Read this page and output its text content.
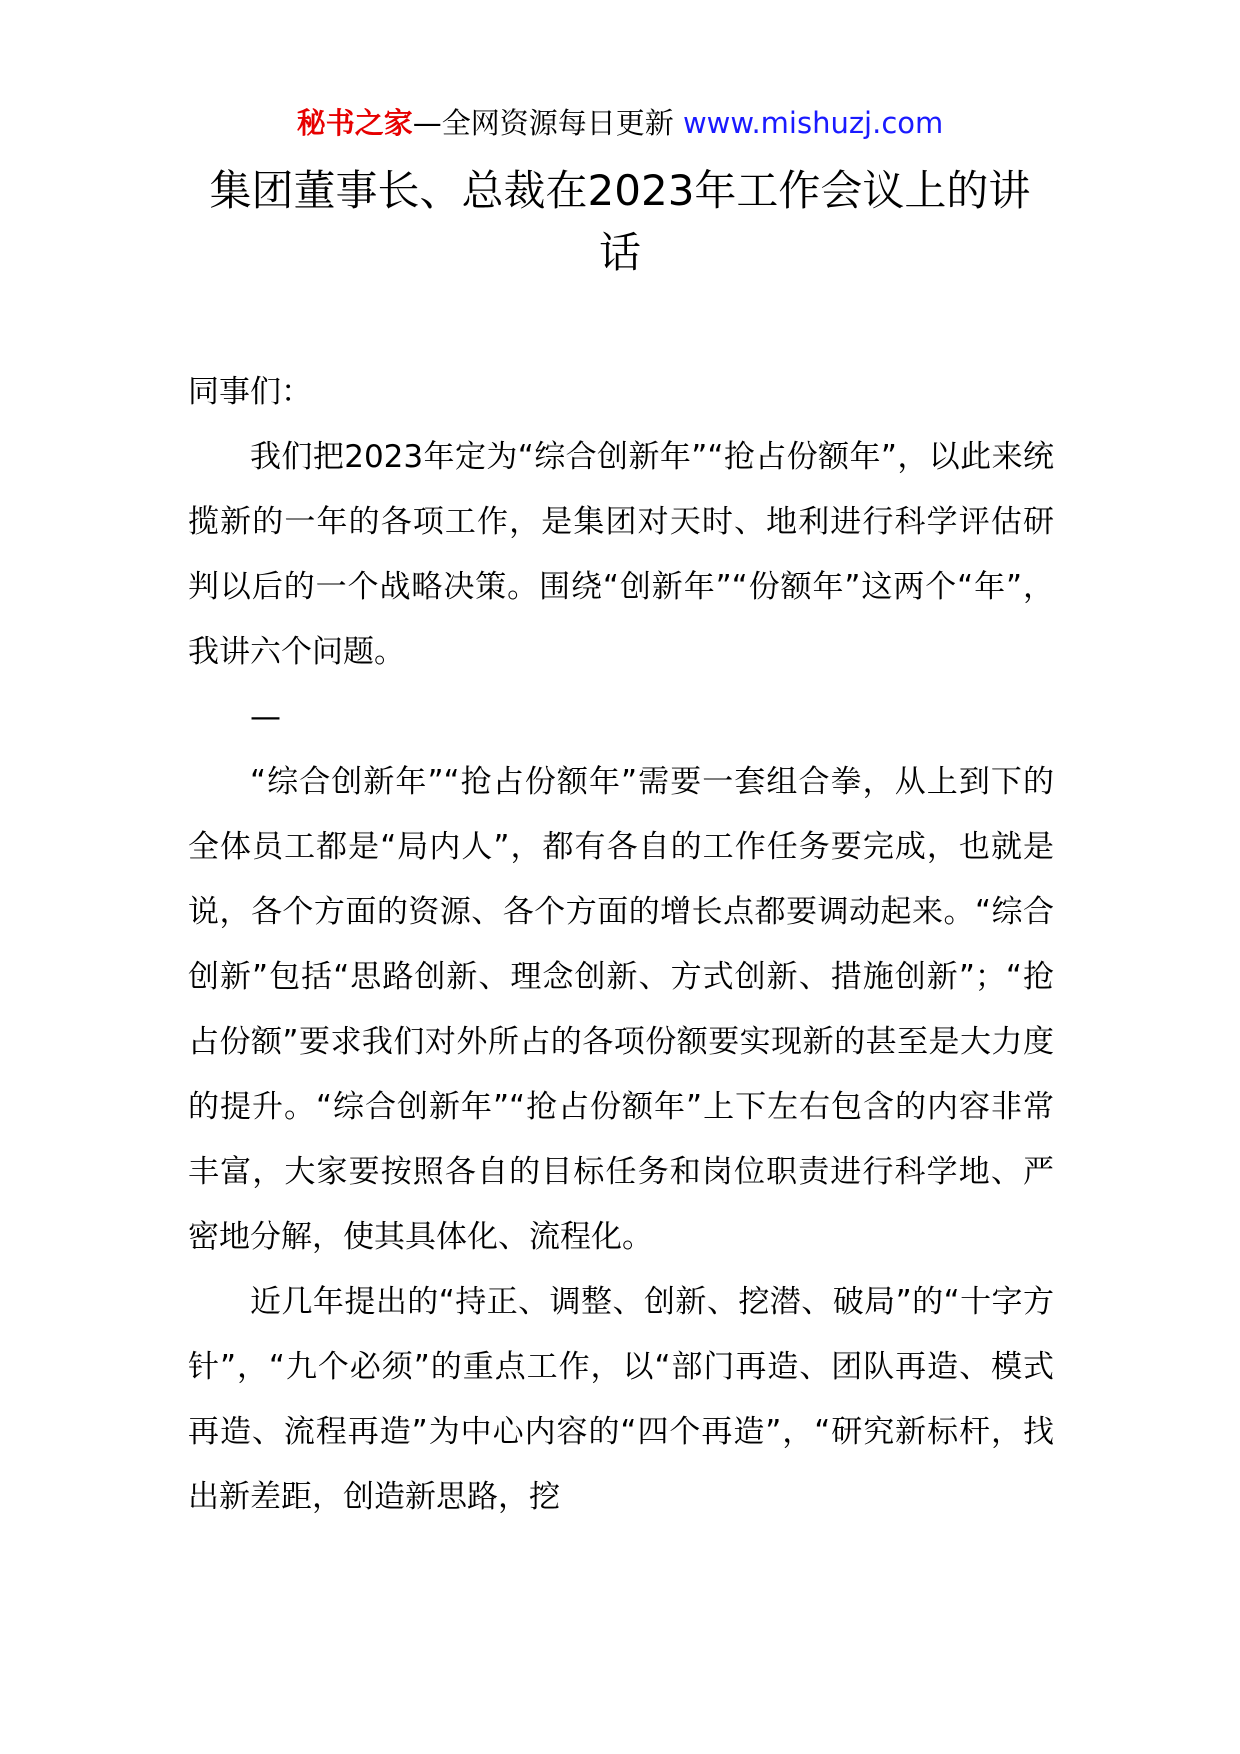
秘书之家—全网资源每日更新 www.mishuzj.com
集团董事长、总裁在2023年工作会议上的讲话

同事们：

我们把2023年定为“综合创新年”“抢占份额年”，以此来统揽新的一年的各项工作，是集团对天时、地利进行科学评估研判以后的一个战略决策。围绕“创新年”“份额年”这两个“年”，我讲六个问题。

—

“综合创新年”“抢占份额年”需要一套组合拳，从上到下的全体员工都是“局内人”，都有各自的工作任务要完成，也就是说，各个方面的资源、各个方面的增长点都要调动起来。“综合创新”包括“思路创新、理念创新、方式创新、措施创新”；“抢占份额”要求我们对外所占的各项份额要实现新的甚至是大力度的提升。“综合创新年”“抢占份额年”上下左右包含的内容非常丰富，大家要按照各自的目标任务和岗位职责进行科学地、严密地分解，使其具体化、流程化。

近几年提出的“持正、调整、创新、挖潜、破局”的“十字方针”，“九个必须”的重点工作，以“部门再造、团队再造、模式再造、流程再造”为中心内容的“四个再造”，“研究新标杆，找出新差距，创造新思路，挖
